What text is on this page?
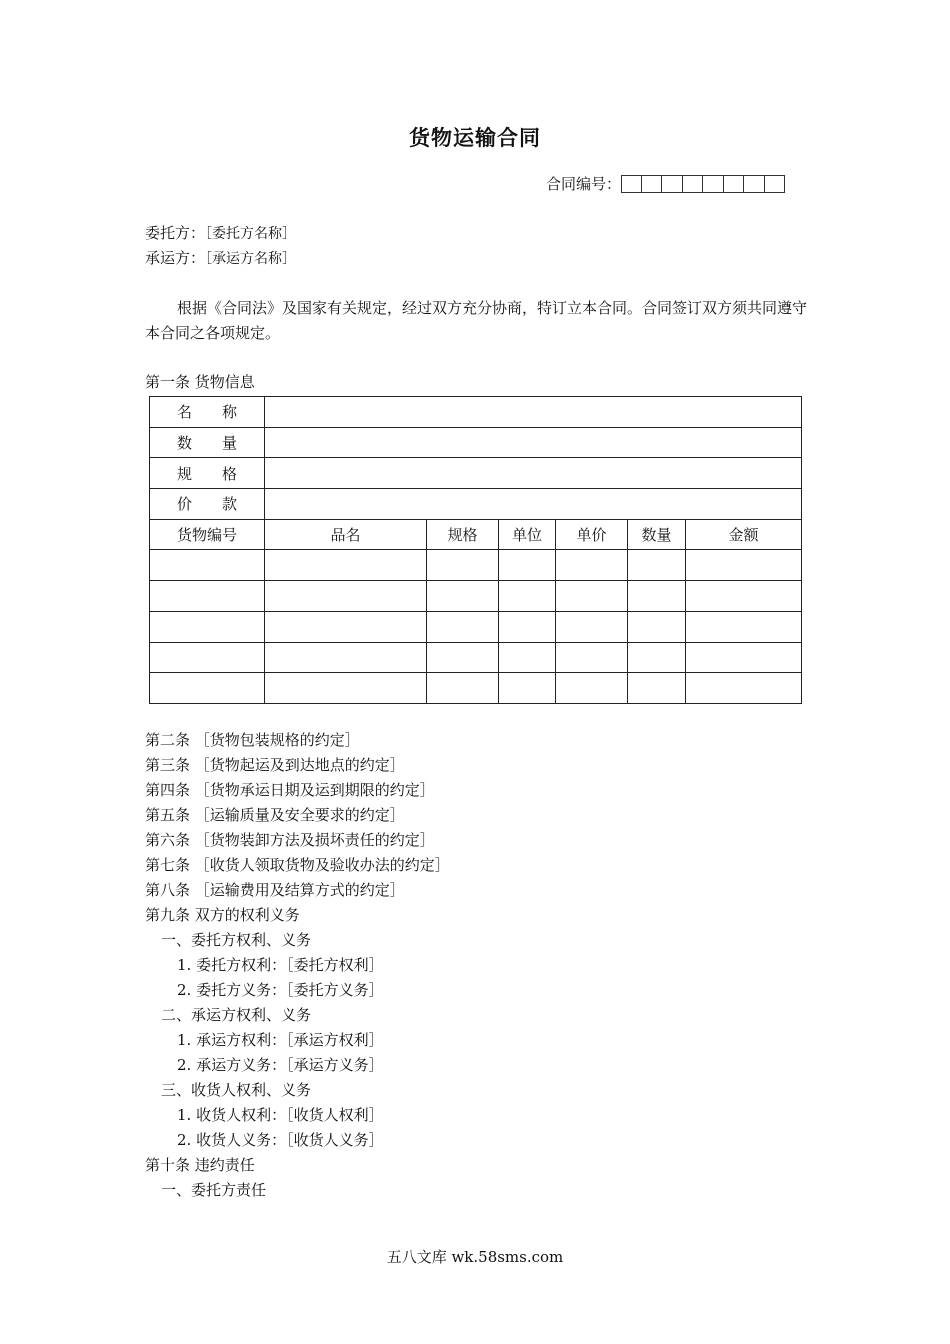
货物运输合同
合同编号：
委托方：［委托方名称］
承运方：［承运方名称］
根据《合同法》及国家有关规定，经过双方充分协商，特订立本合同。合同签订双方须共同遵守本合同之各项规定。
第一条 货物信息
名　　称						
数　　量						
规　　格						
价　　款						
货物编号	品名	规格	单位	单价	数量	金额

第二条 ［货物包装规格的约定］
第三条 ［货物起运及到达地点的约定］
第四条 ［货物承运日期及运到期限的约定］
第五条 ［运输质量及安全要求的约定］
第六条 ［货物装卸方法及损坏责任的约定］
第七条 ［收货人领取货物及验收办法的约定］
第八条 ［运输费用及结算方式的约定］
第九条 双方的权利义务
一、委托方权利、义务
1. 委托方权利：［委托方权利］
2. 委托方义务：［委托方义务］
二、承运方权利、义务
1. 承运方权利：［承运方权利］
2. 承运方义务：［承运方义务］
三、收货人权利、义务
1. 收货人权利：［收货人权利］
2. 收货人义务：［收货人义务］
第十条 违约责任
一、委托方责任
五八文库 wk.58sms.com
